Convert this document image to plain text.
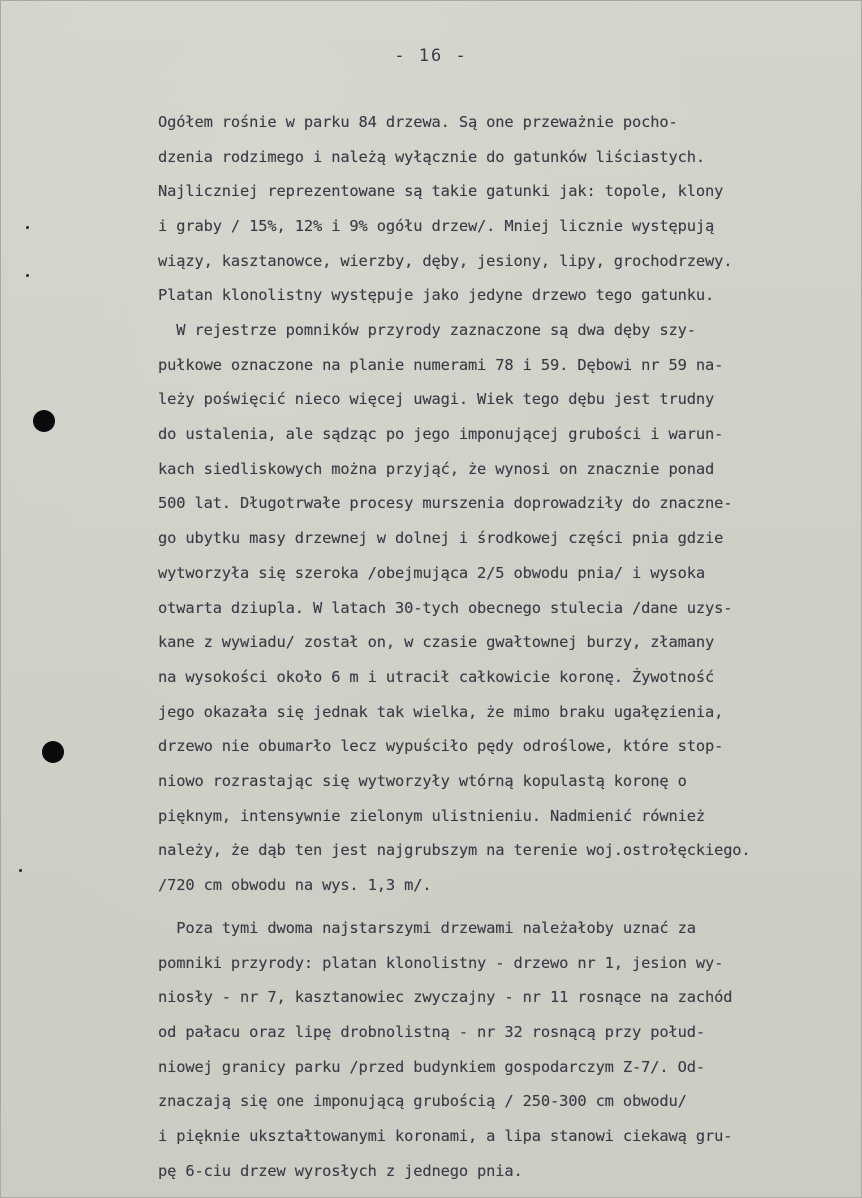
- 16 -
Ogółem rośnie w parku 84 drzewa. Są one przeważnie pocho-
dzenia rodzimego i należą wyłącznie do gatunków liściastych.
Najliczniej reprezentowane są takie gatunki jak: topole, klony
i graby / 15%, 12% i 9% ogółu drzew/. Mniej licznie występują
wiązy, kasztanowce, wierzby, dęby, jesiony, lipy, grochodrzewy.
Platan klonolistny występuje jako jedyne drzewo tego gatunku.
W rejestrze pomników przyrody zaznaczone są dwa dęby szy-
pułkowe oznaczone na planie numerami 78 i 59. Dębowi nr 59 na-
leży poświęcić nieco więcej uwagi. Wiek tego dębu jest trudny
do ustalenia, ale sądząc po jego imponującej grubości i warun-
kach siedliskowych można przyjąć, że wynosi on znacznie ponad
500 lat. Długotrwałe procesy murszenia doprowadziły do znaczne-
go ubytku masy drzewnej w dolnej i środkowej części pnia gdzie
wytworzyła się szeroka /obejmująca 2/5 obwodu pnia/ i wysoka
otwarta dziupla. W latach 30-tych obecnego stulecia /dane uzys-
kane z wywiadu/ został on, w czasie gwałtownej burzy, złamany
na wysokości około 6 m i utracił całkowicie koronę. Żywotność
jego okazała się jednak tak wielka, że mimo braku ugałęzienia,
drzewo nie obumarło lecz wypuściło pędy odroślowe, które stop-
niowo rozrastając się wytworzyły wtórną kopulastą koronę o
pięknym, intensywnie zielonym ulistnieniu. Nadmienić również
należy, że dąb ten jest najgrubszym na terenie woj.ostrołęckiego.
/720 cm obwodu na wys. 1,3 m/.
Poza tymi dwoma najstarszymi drzewami należałoby uznać za
pomniki przyrody: platan klonolistny - drzewo nr 1, jesion wy-
niosły - nr 7, kasztanowiec zwyczajny - nr 11 rosnące na zachód
od pałacu oraz lipę drobnolistną - nr 32 rosnącą przy połud-
niowej granicy parku /przed budynkiem gospodarczym Z-7/. Od-
znaczają się one imponującą grubością / 250-300 cm obwodu/
i pięknie ukształtowanymi koronami, a lipa stanowi ciekawą gru-
pę 6-ciu drzew wyrosłych z jednego pnia.
